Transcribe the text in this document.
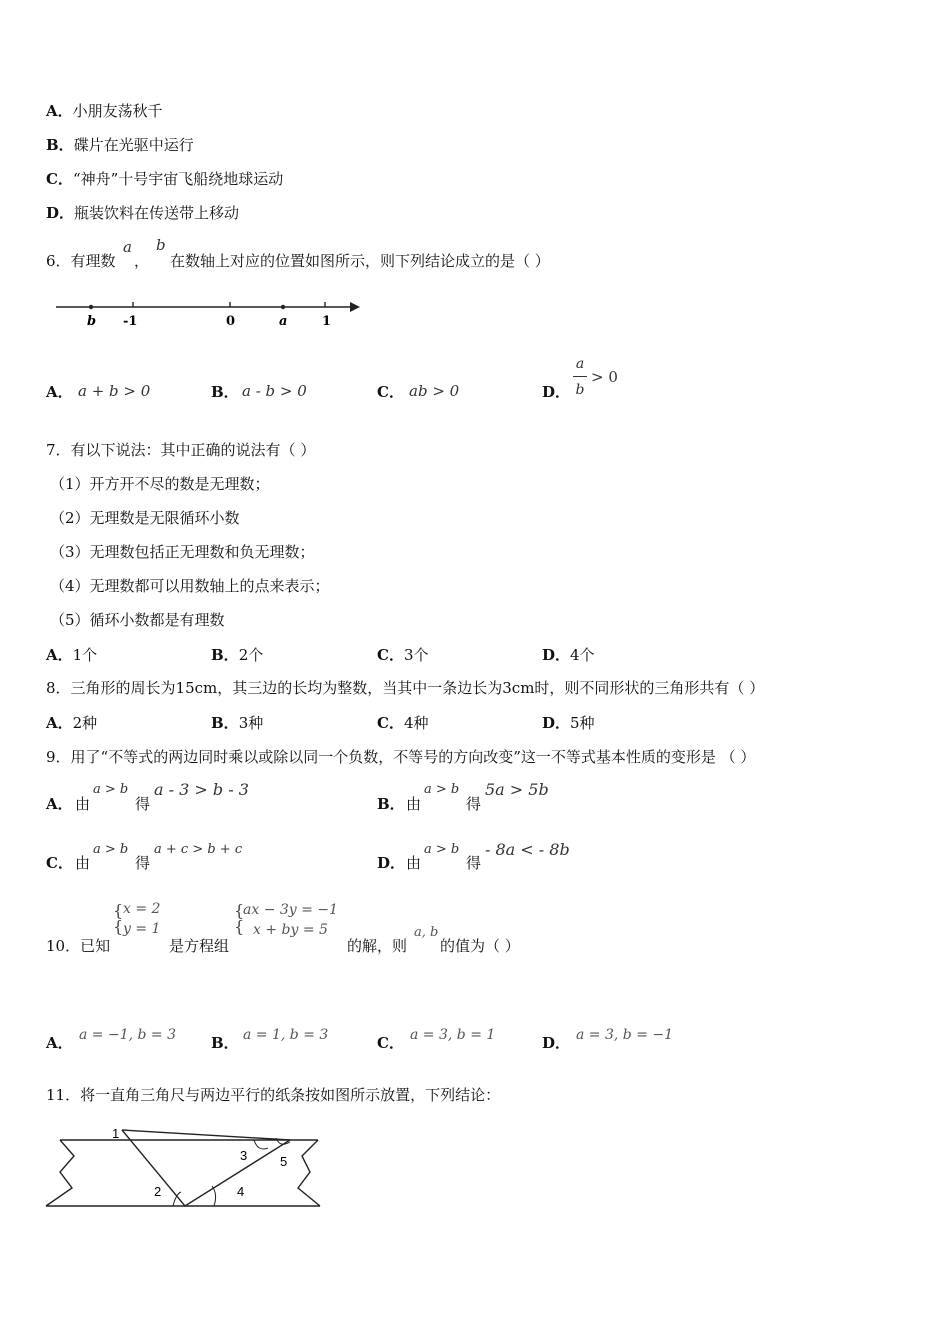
A．小朋友荡秋千
B．碟片在光驱中运行
C．“神舟”十号宇宙飞船绕地球运动
D．瓶装饮料在传送带上移动
6．有理数
a
，
b
在数轴上对应的位置如图所示，则下列结论成立的是（ ）
b -1	0	a	1
A． a + b > 0	B． a - b > 0	C． ab > 0	D．
a
b
> 0
7．有以下说法：其中正确的说法有（ ）
（1）开方开不尽的数是无理数；
（2）无理数是无限循环小数
（3）无理数包括正无理数和负无理数；
（4）无理数都可以用数轴上的点来表示；
（5）循环小数都是有理数
A．1个	B．2个	C．3个	D．4个
8．三角形的周长为15cm，其三边的长均为整数，当其中一条边长为3cm时，则不同形状的三角形共有（ ）
A．2种	B．3种	C．4种	D．5种
9．用了“不等式的两边同时乘以或除以同一个负数，不等号的方向改变”这一不等式基本性质的变形是 （ ）
A． 由
a > b
得
a - 3 > b - 3
B． 由
a > b
得
5a > 5b
C． 由
a > b
得
a + c > b + c
D． 由
a > b
得
- 8a < - 8b
10．已知
{
{
x = 2
y = 1
是方程组
{
{
ax − 3y = −1
x + by = 5
的解，则
a, b
的值为（ ）
A． a = −1, b = 3 B． a = 1, b = 3	C． a = 3, b = 1	D． a = 3, b = −1
11．将一直角三角尺与两边平行的纸条按如图所示放置，下列结论：
1
2
3
4
5
